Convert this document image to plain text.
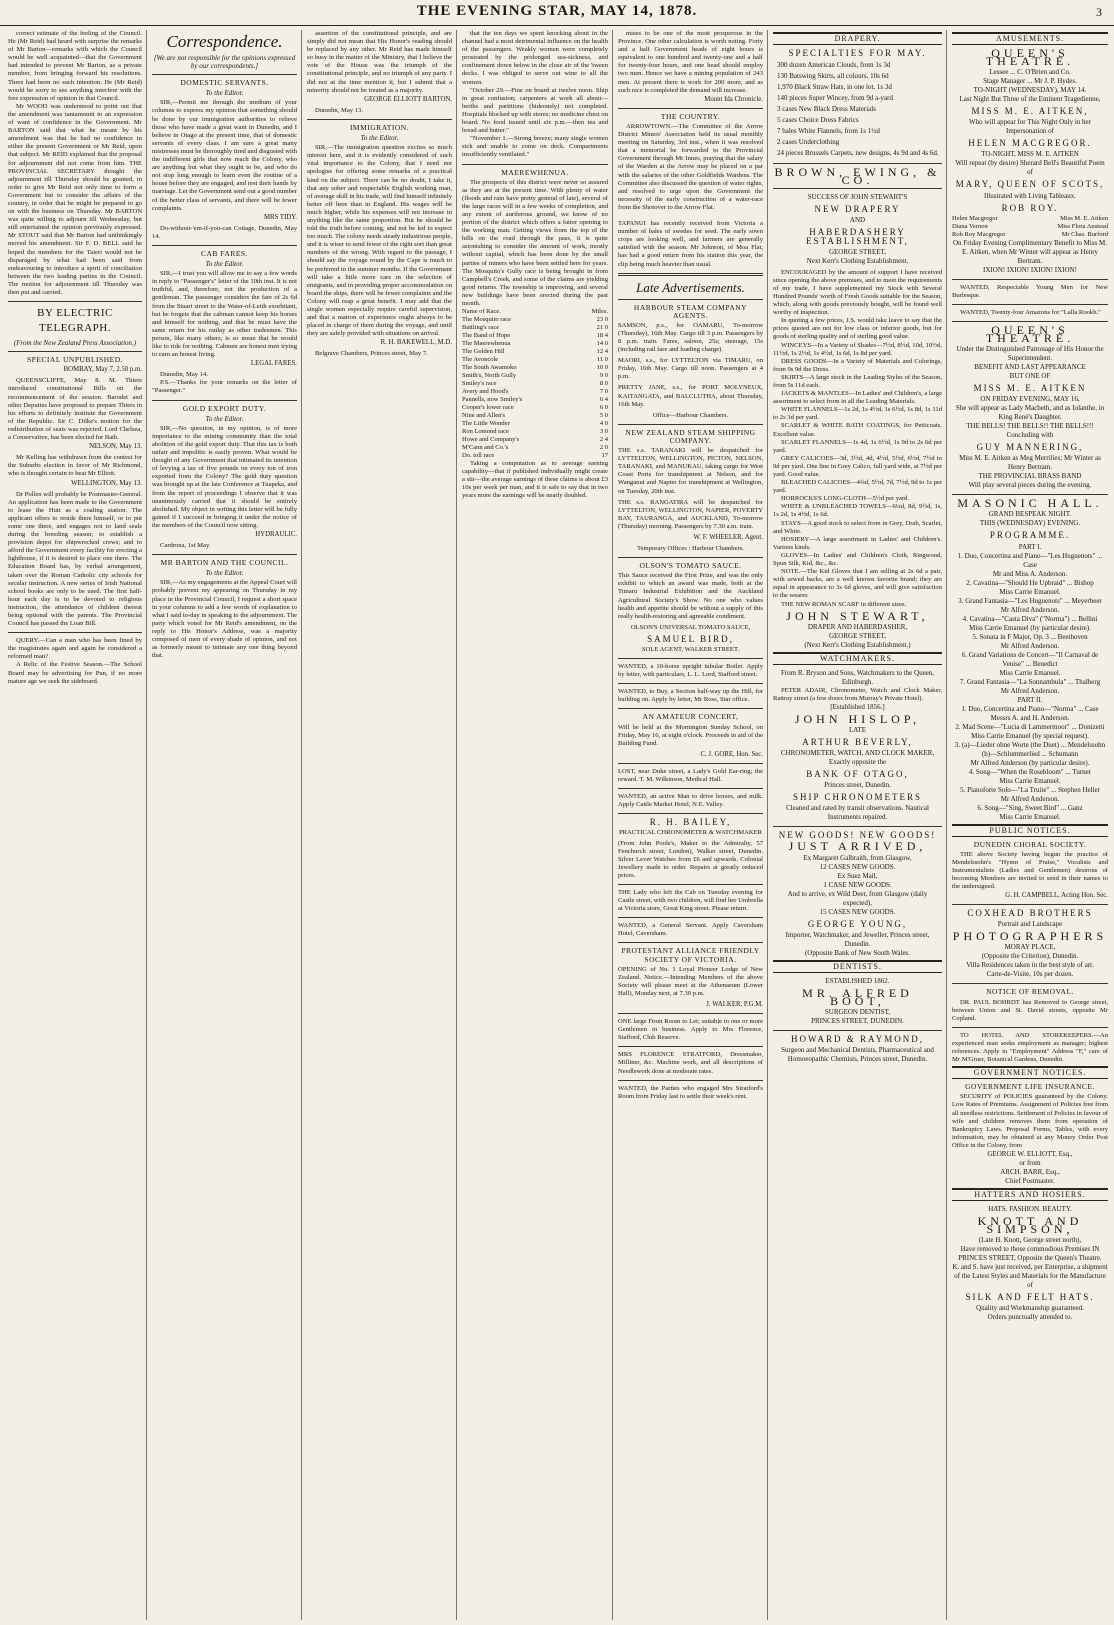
THE EVENING STAR, MAY 14, 1878.	3

correct estimate of the feeling of the Council. He (Mr Reid) had heard with surprise the remarks of Mr Barton—remarks with which the Council would be well acquainted—that the Government had intended to prevent Mr Barton, as a private member, from bringing forward his resolutions. There had been no such intention. He (Mr Reid) would be sorry to see anything interfere with the free expression of opinion in that Council.

Mr WOOD was understood to point out that the amendment was tantamount to an expression of want of confidence in the Government. Mr BARTON said that what he meant by his amendment was that he had no confidence in either the present Government or Mr Reid, upon that subject. Mr REID explained that the proposal for adjournment did not come from him. THE PROVINCIAL SECRETARY thought the adjournment till Thursday should be granted, in order to give Mr Reid not only time to form a Government but to consider the affairs of the country, in order that he might be prepared to go on with the business on Thursday. Mr BARTON was quite willing to adjourn till Wednesday, but still entertained the opinion previously expressed. Mr STOUT said that Mr Barton had unthinkingly moved his amendment. Sir F. D. BELL said he hoped the members for the Taieri would not be disparaged by what had been said from endeavouring to introduce a spirit of conciliation between the two leading parties in the Council. The motion for adjournment till Thursday was then put and carried.

BY ELECTRIC TELEGRAPH.
(From the New Zealand Press Association.)
SPECIAL UNPUBLISHED.
BOMBAY, May 7, 2.50 p.m.

QUEENSCLIFFE, May 8. M. Thiers introduced constitutional Bills on the recommencement of the session. Barodet and other Deputies have proposed to prepare Thiers in his efforts to definitely institute the Government of the Republic. Sir C. Dilke's motion for the redistribution of seats was rejected. Lord Chelsea, a Conservative, has been elected for Bath.

NELSON, May 13.

Mr Kelling has withdrawn from the contest for the Suburbs election in favor of Mr Richmond, who is thought certain to beat Mr Elliott.

WELLINGTON, May 13.

Dr Pollen will probably be Postmaster-General. An application has been made to the Government to lease the Hutt as a coaling station. The applicant offers to reside there himself, or to put some one there, and engages not to land seals during the breeding season; to establish a provision depot for shipwrecked crews; and to afford the Government every facility for erecting a lighthouse, if it is desired to place one there. The Education Board has, by verbal arrangement, taken over the Roman Catholic city schools for secular instruction. A new series of Irish National school books are only to be used. The first half-hour each day is to be devoted to religious instruction, the attendance of children thereat being optional with the parents. The Provincial Council has passed the Loan Bill.

QUERY.—Can a man who has been fined by the magistrates again and again be considered a reformed man?

A Relic of the Festive Season.—The School Board may be advertising for Pun, if no more mature age we seek the sideboard.

Correspondence.
[We are not responsible for the opinions expressed by our correspondents.]
DOMESTIC SERVANTS.
To the Editor.

SIR,—Permit me through the medium of your columns to express my opinion that something should be done by our immigration authorities to relieve those who have made a great want in Dunedin, and I believe in Otago at the present time, that of domestic servants of every class. I am sure a great many mistresses must be thoroughly tired and disgusted with the indifferent girls that now reach the Colony, who are anything but what they ought to be, and who do not stop long enough to learn even the routine of a house before they are engaged, and rest their hands by marriage. Let the Government send out a good number of the better class of servants, and there will be fewer complaints.

MRS TIDY.

Do-without-'em-if-you-can Cottage, Dunedin, May 14.

CAB FARES.
To the Editor.

SIR,—I trust you will allow me to say a few words in reply to "Passenger's" letter of the 10th inst. It is not truthful, and, therefore, not the production of a gentleman. The passenger considers the fare of 2s 6d from the Stuart street to the Water-of-Leith exorbitant, but he forgets that the cabman cannot keep his horses and himself for nothing, and that he must have the same return for his outlay as other tradesmen. This person, like many others, is so mean that he would like to ride for nothing. Cabmen are honest men trying to earn an honest living.

LEGAL FARES.

Dunedin, May 14.

P.S.—Thanks for your remarks on the letter of "Passenger."

GOLD EXPORT DUTY.
To the Editor.

SIR,—No question, in my opinion, is of more importance to the mining community than the total abolition of the gold export duty. That this tax is both unfair and impolitic is easily proven. What would be thought of any Government that intimated its intention of levying a tax of five pounds on every ton of iron exported from the Colony? The gold duty question was brought up at the late Conference at Tuapeka, and from the report of proceedings I observe that it was unanimously carried that it should be entirely abolished. My object in writing this letter will be fully gained if I succeed in bringing it under the notice of the members of the Council now sitting.

HYDRAULIC.

Cardrona, 1st May.

MR BARTON AND THE COUNCIL.
To the Editor.

SIR,—As my engagements at the Appeal Court will probably prevent my appearing on Thursday in my place in the Provincial Council, I request a short space in your columns to add a few words of explanation to what I said to-day in speaking to the adjournment. The party which voted for Mr Reid's amendment, on the reply to His Honor's Address, was a majority composed of men of every shade of opinion, and not as formerly meant to intimate any one thing beyond that.

assertion of the constitutional principle, and are simply did not mean that His Honor's reading should be replaced by any other. Mr Reid has made himself so busy in the matter of the Ministry, that I believe the vote of the House was the triumph of the constitutional principle, and no triumph of any party. I did not at the time mention it, but I submit that a minority should not be treated as a majority.

GEORGE ELLIOTT BARTON.

Dunedin, May 13.

IMMIGRATION.
To the Editor.

SIR,—The immigration question excites so much interest here, and it is evidently considered of such vital importance to the Colony, that I need not apologise for offering some remarks of a practical kind on the subject. There can be no doubt, I take it, that any sober and respectable English working man, of average skill in his trade, will find himself infinitely better off here than in England. His wages will be much higher, while his expenses will not increase in anything like the same proportion. But he should be told the truth before coming, and not be led to expect too much. The colony needs steady industrious people, and it is wiser to send fewer of the right sort than great numbers of the wrong. With regard to the passage, I should say the voyage round by the Cape is much to be preferred in the summer months. If the Government will take a little more care in the selection of emigrants, and in providing proper accommodation on board the ships, there will be fewer complaints and the Colony will reap a great benefit. I may add that the single women especially require careful supervision, and that a matron of experience ought always to be placed in charge of them during the voyage, and until they are safely provided with situations on arrival.

R. H. BAKEWELL, M.D.

Belgrave Chambers, Princes street, May 7.

that the ten days we spent knocking about in the channel had a most detrimental influence on the health of the passengers. Weakly women were completely prostrated by the prolonged sea-sickness, and confinement down below in the close air of the 'tween decks. I was obliged to serve out wine to all the women.

"October 29.—Fine on board at twelve noon. Ship in great confusion; carpenters at work all about—berths and partitions (hideously) not completed. Hospitals blocked up with stores; no medicine chest on board. No food issued until six p.m.—then tea and bread and butter."

"November 1.—Strong breeze; many single women sick and unable to come on deck. Compartments insufficiently ventilated."

MAEREWHENUA.

The prospects of this district were never so assured as they are at the present time. With plenty of water (floods and rain have pretty general of late), several of the large races will in a few weeks of completion, and any extent of auriferous ground, we know of no portion of the district which offers a fairer opening to the working man. Getting views from the top of the hills on the road through the pass, it is quite astonishing to consider the amount of work, mostly without capital, which has been done by the small parties of miners who have been settled here for years. The Mosquito's Gully race is being brought in from Campbell's Creek, and some of the claims are yielding good returns. The township is improving, and several new buildings have been erected during the past month.

Name of Race.	Miles.
The Mosquito race	23 0
Battling's race	21 0
The Band of Hope	18 4
The Maerewhenua	14 0
The Golden Hill	12 4
The Avoncole	11 0
The South Awamoko	10 0
Smith's, North Gully	9 0
Smiley's race	8 0
Avery and Hood's	7 0
Pannells, now Smiley's	6 4
Cooper's lower race	6 0
Nine and Allen's	5 0
The Little Wonder	4 0
Ron Lomond race	3 0
Howe and Company's	2 4
M'Cann and Co.'s	2 0
Do. toll race	17

Taking a computation as to average earning capability—that if published individually might create a stir—the average earnings of these claims is about £3 10s per week per man, and it is safe to say that in two years more the earnings will be nearly doubled.

mises to be one of the most prosperous in the Province. One other calculation is worth noting. Forty and a half Government heads of eight hours is equivalent to one hundred and twenty-one and a half for twenty-four hours, and one head should employ two men. Hence we have a mining population of 243 men. At present there is work for 200 more, and as such race is completed the demand will increase.

Mount Ida Chronicle.
THE COUNTRY.

ARROWTOWN.—The Committee of the Arrow District Miners' Association held its usual monthly meeting on Saturday, 3rd inst., when it was resolved that a memorial be forwarded to the Provincial Government through Mr Innes, praying that the salary of the Warden at the Arrow may be placed on a par with the salaries of the other Goldfields Wardens. The Committee also discussed the question of water rights, and resolved to urge upon the Government the necessity of the early construction of a water-race from the Shotover to the Arrow Flat.

TAPANUI has recently received from Victoria a number of bales of swedes for seed. The early sown crops are looking well, and farmers are generally satisfied with the season. Mr Johnson, of Moa Flat, has had a good return from his station this year, the clip being much heavier than usual.

Late Advertisements.
HARBOUR STEAM COMPANY AGENTS.

SAMSON, p.s., for OAMARU, To-morrow (Thursday), 16th May. Cargo till 3 p.m. Passengers by 8 p.m. train. Fares, saloon, 25s; steerage, 15s (including rail fare and loading charge).

MAORI, s.s., for LYTTELTON via TIMARU, on Friday, 16th May. Cargo till noon. Passengers at 4 p.m.

PRETTY JANE, s.s., for PORT MOLYNEUX, KAITANGATA, and BALCLUTHA, about Thursday, 16th May.

Office—Harbour Chambers.
NEW ZEALAND STEAM SHIPPING COMPANY.

THE s.s. TARANAKI will be despatched for LYTTELTON, WELLINGTON, PICTON, NELSON, TARANAKI, and MANUKAU, taking cargo for West Coast Ports for transhipment at Nelson, and for Wanganui and Napier for transhipment at Wellington, on Tuesday, 20th inst.

THE s.s. RANGATIRA will be despatched for LYTTELTON, WELLINGTON, NAPIER, POVERTY BAY, TAURANGA, and AUCKLAND, To-morrow (Thursday) morning. Passengers by 7.30 a.m. train.

W. F. WHEELER, Agent.
Temporary Offices : Harbour Chambers.
OLSON'S TOMATO SAUCE.

This Sauce received the First Prize, and was the only exhibit to which an award was made, both at the Timaru Industrial Exhibition and the Auckland Agricultural Society's Show. No one who values health and appetite should be without a supply of this really health-restoring and agreeable condiment.

OLSON'S UNIVERSAL TOMATO SAUCE,
SAMUEL BIRD,
SOLE AGENT, WALKER STREET.

WANTED, a 10-horse upright tubular Boiler. Apply by letter, with particulars, L. L. Lord, Stafford street.

WANTED, to Buy, a Section half-way up the Hill, for building on. Apply by letter, Mr Ross, Star office.

AN AMATEUR CONCERT,

Will be held at the Mornington Sunday School, on Friday, May 16, at eight o'clock. Proceeds in aid of the Building Fund.

C. J. GORE, Hon. Sec.

LOST, near Duke street, a Lady's Gold Ear-ring; the reward. T. M. Wilkinson, Medical Hall.

WANTED, an active Man to drive horses, and milk. Apply Cattle Market Hotel, N.E. Valley.

R. H. BAILEY,
PRACTICAL CHRONOMETER & WATCHMAKER

(From John Poole's, Maker to the Admiralty, 57 Fenchurch street, London), Walker street, Dunedin. Silver Lever Watches from £6 and upwards. Colonial Jewellery made to order. Repairs at greatly reduced prices.

THE Lady who left the Cab on Tuesday evening for Castle street, with two children, will find her Umbrella at Victoria store, Great King street. Please return.

WANTED, a General Servant. Apply Caversham Hotel, Caversham.

PROTESTANT ALLIANCE FRIENDLY SOCIETY OF VICTORIA.

OPENING of No. 1 Loyal Pioneer Lodge of New Zealand. Notice.—Intending Members of the above Society will please meet at the Athenaeum (Lower Hall), Monday next, at 7.30 p.m.

J. WALKER, P.G.M.

ONE large Front Room to Let; suitable to one or more Gentlemen in business. Apply to Mrs Florence, Stafford, Club Reserve.

MRS FLORENCE STRATFORD, Dressmaker, Milliner, &c. Machine work, and all descriptions of Needlework done at moderate rates.

WANTED, the Parties who engaged Mrs Stratford's Room from Friday last to settle their week's rent.

DRAPERY.
SPECIALTIES FOR MAY.
300 dozen American Clouds, from 1s 3d
130 Batswing Skirts, all colours, 10s 6d
1,970 Black Straw Hats, in one lot, 1s 3d
140 pieces Super Wincey, from 9d a-yard
3 cases New Black Dress Materials
5 cases Choice Dress Fabrics
7 bales White Flannels, from 1s 1½d
2 cases Underclothing
24 pieces Brussels Carpets, new designs, 4s 9d and 4s 6d.
BROWN, EWING, & CO.
SUCCESS OF JOHN STEWART'S
NEW DRAPERY
AND
HABERDASHERY ESTABLISHMENT,
GEORGE STREET,
Next Kerr's Clothing Establishment.

ENCOURAGED by the amount of support I have received since opening the above premises, and to meet the requirements of my trade, I have supplemented my Stock with Several Hundred Pounds' worth of Fresh Goods suitable for the Season, which, along with goods previously bought, will be found well worthy of inspection.

In quoting a few prices, J.S. would take leave to say that the prices quoted are not for low class or inferior goods, but for goods of sterling quality and of sterling good value.

WINCEYS—In a Variety of Shades—7½d, 8½d, 10d, 10½d, 11½d, 1s 2½d, 1s 4½d, 1s 6d, 1s 8d per yard.
DRESS GOODS—In a Variety of Materials and Colorings, from 9s 9d the Dress.
SKIRTS—A large stock in the Leading Styles of the Season, from 5s 11d each.
JACKETS & MANTLES—In Ladies' and Children's, a large assortment to select from in all the Leading Materials.
WHITE FLANNELS—1s 2d, 1s 4½d, 1s 6½d, 1s 8d, 1s 11d to 2s 3d per yard.
SCARLET & WHITE BATH COATINGS, for Petticoats. Excellent value.
SCARLET FLANNELS—1s 4d, 1s 6½d, 1s 9d to 2s 6d per yard.
GREY CALICOES—3d, 3½d, 4d, 4½d, 5½d, 6½d, 7½d to 9d per yard. One line in Grey Calico, full yard wide, at 7½d per yard. Good value.
BLEACHED CALICOES—4¾d, 5½d, 7d, 7½d, 9d to 1s per yard.
HORROCKS'S LONG-CLOTH—5½d per yard.
WHITE & UNBLEACHED TOWELS—6¼d, 8d, 9½d, 1s, 1s 2d, 1s 4½d, 1s 6d.
STAYS—A good stock to select from in Grey, Drab, Scarlet, and White.
HOSIERY—A large assortment in Ladies' and Children's. Various kinds.
GLOVES—In Ladies' and Children's Cloth, Ringwood, Spun Silk, Kid, &c., &c.

NOTE.—The Kid Gloves that I am selling at 2s 6d a pair, with sewed backs, are a well known favorite brand; they are equal in appearance to 3s 6d gloves, and will give satisfaction to the wearer.

THE NEW ROMAN SCARF in different sizes.

JOHN STEWART,
DRAPER AND HABERDASHER,
GEORGE STREET,
(Next Kerr's Clothing Establishment.)
WATCHMAKERS.
From R. Bryson and Sons, Watchmakers to the Queen, Edinburgh.

PETER ADAIR, Chronometer, Watch and Clock Maker, Rattray street (a few doors from Murray's Private Hotel).

[Established 1856.]
JOHN HISLOP,
LATE
ARTHUR BEVERLY,
CHRONOMETER, WATCH, AND CLOCK MAKER,
Exactly opposite the
BANK OF OTAGO,
Princes street, Dunedin.
SHIP CHRONOMETERS
Cleaned and rated by transit observations. Nautical Instruments repaired.
NEW GOODS! NEW GOODS!
JUST ARRIVED,
Ex Margaret Galbraith, from Glasgow,
12 CASES NEW GOODS.
Ex Suez Mail,
1 CASE NEW GOODS.
And to arrive, ex Wild Deer, from Glasgow (daily expected),
15 CASES NEW GOODS.
GEORGE YOUNG,
Importer, Watchmaker, and Jeweller, Princes street, Dunedin.
(Opposite Bank of New South Wales.
DENTISTS.
ESTABLISHED 1862.
MR. ALFRED BOOT,
SURGEON DENTIST,
PRINCES STREET, DUNEDIN.
HOWARD & RAYMOND,
Surgeon and Mechanical Dentists, Pharmaceutical and Homoeopathic Chemists, Princes street, Dunedin.
AMUSEMENTS.
QUEEN'S THEATRE.
Lessee ... C. O'Brien and Co.
Stage Manager ... Mr J. P. Hydes.
TO-NIGHT (WEDNESDAY), MAY 14.
Last Night But Three of the Eminent Tragedienne,
MISS M. E. AITKEN,
Who will appear for This Night Only in her Impersonation of
HELEN MACGREGOR.
TO-NIGHT, MISS M. E. AITKEN
Will repeat (by desire) Sherard Bell's Beautiful Poem of
MARY, QUEEN OF SCOTS,
Illustrated with Living Tableaux.
ROB ROY.
Helen Macgregor	Miss M. E. Aitken
Diana Vernon	Miss Flora Anstead
Rob Roy Macgregor	Mr Chas. Burford
On Friday Evening Complimentary Benefit to Miss M. E. Aitken, when Mr Winter will appear as Henry Bertram.
IXION! IXION! IXION! IXION!

WANTED, Respectable Young Men for New Burlesque.

WANTED, Twenty-four Amazons for "Lalla Rookh."

QUEEN'S THEATRE.
Under the Distinguished Patronage of His Honor the Superintendent.
BENEFIT AND LAST APPEARANCE
BUT ONE OF
MISS M. E. AITKEN
ON FRIDAY EVENING, MAY 16,
She will appear as Lady Macbeth, and as Iolanthe, in King René's Daughter.
THE BELLS! THE BELLS!! THE BELLS!!!
Concluding with
GUY MANNERING,
Miss M. E. Aitken as Meg Merrilies; Mr Winter as Henry Bertram.
THE PROVINCIAL BRASS BAND
Will play several pieces during the evening.
MASONIC HALL.
GRAND BESPEAK NIGHT.
THIS (WEDNESDAY) EVENING.
PROGRAMME.
PART I.
1. Duo, Concertina and Piano—"Les Huguenots" ... Case
Mr and Miss A. Anderson.
2. Cavatina—"Should He Upbraid" ... Bishop
Miss Carrie Emanuel.
3. Grand Fantasia—"Les Huguenots" ... Meyerbeer
Mr Alfred Anderson.
4. Cavatina—"Casta Diva" ("Norma") ... Bellini
Miss Carrie Emanuel (by particular desire).
5. Sonata in F Major, Op. 3 ... Beethoven
Mr Alfred Anderson.
6. Grand Variations de Concert—"Il Carnaval de Venise" ... Benedict
Miss Carrie Emanuel.
7. Grand Fantasia—"La Sonnambula" ... Thalberg
Mr Alfred Anderson.
PART II.
1. Duo, Concertina and Piano—"Norma" ... Case
Messrs A. and H. Anderson.
2. Mad Scene—"Lucia di Lammermoor" ... Donizetti
Miss Carrie Emanuel (by special request).
3. (a)—Lieder ohne Worte (the Duet) ... Mendelssohn
(b)—Schlummerlied ... Schumann
Mr Alfred Anderson (by particular desire).
4. Song—"When the Rosebloom" ... Turner
Miss Carrie Emanuel.
5. Pianoforte Solo—"La Truite" ... Stephen Heller
Mr Alfred Anderson.
6. Song—"Sing, Sweet Bird" ... Ganz
Miss Carrie Emanuel.
PUBLIC NOTICES.
DUNEDIN CHORAL SOCIETY.

THE above Society having begun the practice of Mendelssohn's "Hymn of Praise," Vocalists and Instrumentalists (Ladies and Gentlemen) desirous of becoming Members are invited to send in their names to the undersigned.

G. H. CAMPBELL, Acting Hon. Sec.
COXHEAD BROTHERS
Portrait and Landscape
PHOTOGRAPHERS
MORAY PLACE,
(Opposite the Criterion), Dunedin.
Villa Residences taken in the best style of art.
Carte-de-Visite, 10s per dozen.
NOTICE OF REMOVAL.

DR. PAUL BOHRDT has Removed to George street, between Union and St. David streets, opposite Mr Copland.

TO HOTEL AND STOREKEEPERS.—An experienced man seeks employment as manager; highest references. Apply to "Employment" Address "F," care of Mr M'Gruer, Botanical Gardens, Dunedin.

GOVERNMENT NOTICES.
GOVERNMENT LIFE INSURANCE.

SECURITY of POLICIES guaranteed by the Colony. Low Rates of Premiums. Assignment of Policies free from all needless restrictions. Settlement of Policies in favour of wife and children removes them from operation of Bankruptcy Laws. Proposal Forms, Tables, with every information, may be obtained at any Money Order Post Office in the Colony, from

GEORGE W. ELLIOTT, Esq.,
or from
ARCH. BARR, Esq.,
Chief Postmaster.
HATTERS AND HOSIERS.
HATS. FASHION. BEAUTY.
KNOTT AND SIMPSON,
(Late H. Knott, George street north),
Have removed to those commodious Premises IN PRINCES STREET, Opposite the Queen's Theatre.
K. and S. have just received, per Enterprise, a shipment of the Latest Styles and Materials for the Manufacture of
SILK AND FELT HATS.
Quality and Workmanship guaranteed.
Orders punctually attended to.
